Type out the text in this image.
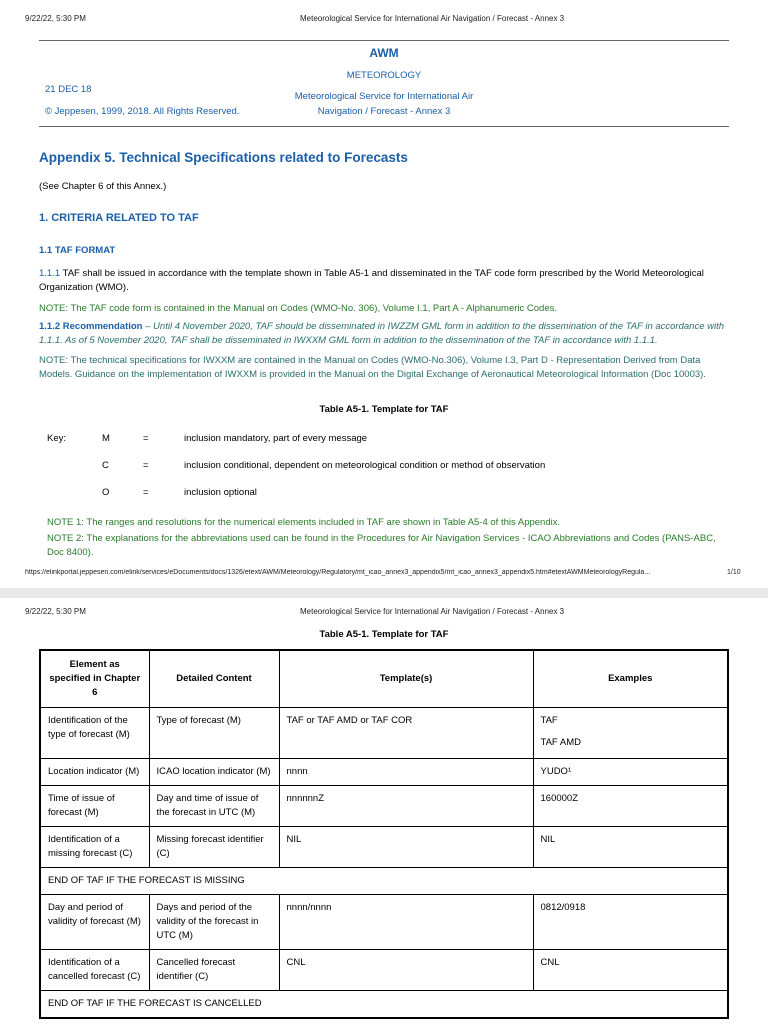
9/22/22, 5:30 PM	Meteorological Service for International Air Navigation / Forecast - Annex 3
AWM
METEOROLOGY
Meteorological Service for International Air
Navigation / Forecast - Annex 3
21 DEC 18
© Jeppesen, 1999, 2018. All Rights Reserved.
Appendix 5. Technical Specifications related to Forecasts
(See Chapter 6 of this Annex.)
1. CRITERIA RELATED TO TAF
1.1 TAF FORMAT
1.1.1 TAF shall be issued in accordance with the template shown in Table A5-1 and disseminated in the TAF code form prescribed by the World Meteorological Organization (WMO).
NOTE: The TAF code form is contained in the Manual on Codes (WMO-No. 306), Volume I.1, Part A - Alphanumeric Codes.
1.1.2 Recommendation – Until 4 November 2020, TAF should be disseminated in IWZZM GML form in addition to the dissemination of the TAF in accordance with 1.1.1. As of 5 November 2020, TAF shall be disseminated in IWXXM GML form in addition to the dissemination of the TAF in accordance with 1.1.1.
NOTE: The technical specifications for IWXXM are contained in the Manual on Codes (WMO-No.306), Volume I.3, Part D - Representation Derived from Data Models. Guidance on the implementation of IWXXM is provided in the Manual on the Digital Exchange of Aeronautical Meteorological Information (Doc 10003).
Table A5-1. Template for TAF
Key:	M	=	inclusion mandatory, part of every message
C	=	inclusion conditional, dependent on meteorological condition or method of observation
O	=	inclusion optional
NOTE 1: The ranges and resolutions for the numerical elements included in TAF are shown in Table A5-4 of this Appendix.
NOTE 2: The explanations for the abbreviations used can be found in the Procedures for Air Navigation Services - ICAO Abbreviations and Codes (PANS-ABC, Doc 8400).
https://elinkportal.jeppesen.com/elink/services/eDocuments/docs/1326/etext/AWM/Meteorology/Regulatory/mt_icao_annex3_appendix5/mt_icao_annex3_appendix5.htm#etextAWMMeteorologyRegula...	1/10
9/22/22, 5:30 PM	Meteorological Service for International Air Navigation / Forecast - Annex 3
Table A5-1. Template for TAF
Element as specified in Chapter 6	Detailed Content	Template(s)	Examples
Identification of the type of forecast (M)	Type of forecast (M)	TAF or TAF AMD or TAF COR	TAF
TAF AMD

Location indicator (M)	ICAO location indicator (M)	nnnn	YUDO¹

Time of issue of forecast (M)	Day and time of issue of the forecast in UTC (M)	nnnnnnZ	160000Z

Identification of a missing forecast (C)	Missing forecast identifier (C)	NIL	NIL

END OF TAF IF THE FORECAST IS MISSING			
Day and period of validity of forecast (M)	Days and period of the validity of the forecast in UTC (M)	nnnn/nnnn	0812/0918

Identification of a cancelled forecast (C)	Cancelled forecast identifier (C)	CNL	CNL

END OF TAF IF THE FORECAST IS CANCELLED			
